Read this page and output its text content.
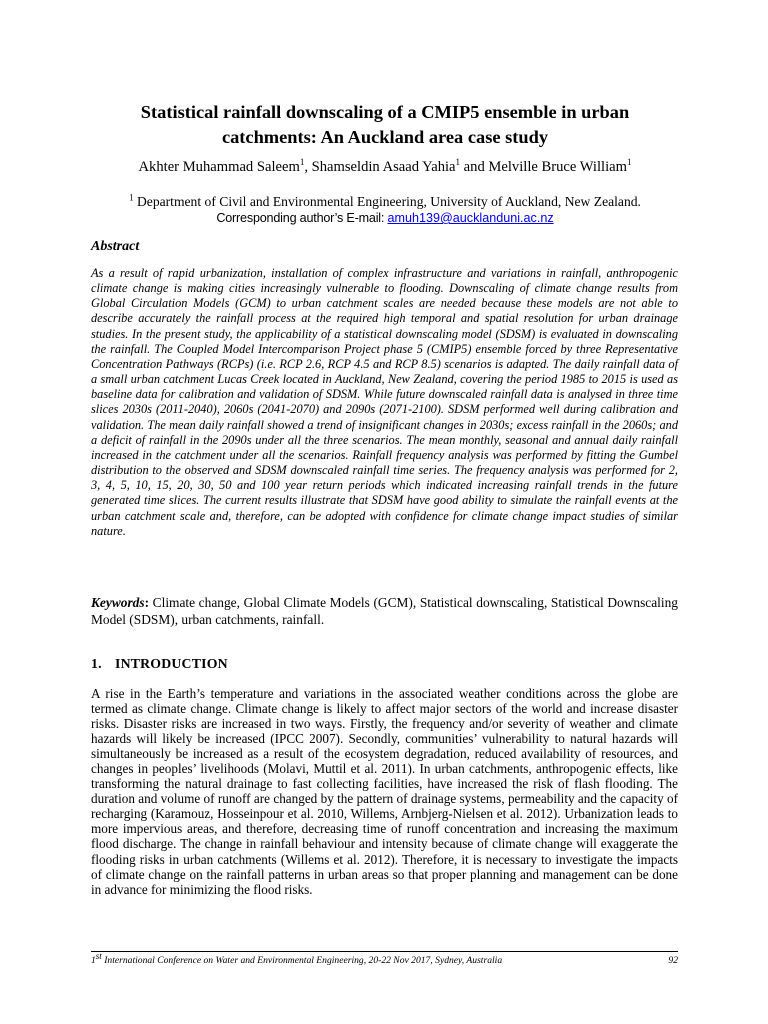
Statistical rainfall downscaling of a CMIP5 ensemble in urban
catchments: An Auckland area case study
Akhter Muhammad Saleem$^1$, Shamseldin Asaad Yahia$^1$ and Melville Bruce William$^1$
$^1$ Department of Civil and Environmental Engineering, University of Auckland, New Zealand.
Corresponding author’s E-mail: amuh139@aucklanduni.ac.nz
Abstract
As a result of rapid urbanization, installation of complex infrastructure and variations in rainfall, anthropogenic climate change is making cities increasingly vulnerable to flooding. Downscaling of climate change results from Global Circulation Models (GCM) to urban catchment scales are needed because these models are not able to describe accurately the rainfall process at the required high temporal and spatial resolution for urban drainage studies. In the present study, the applicability of a statistical downscaling model (SDSM) is evaluated in downscaling the rainfall. The Coupled Model Intercomparison Project phase 5 (CMIP5) ensemble forced by three Representative Concentration Pathways (RCPs) (i.e. RCP 2.6, RCP 4.5 and RCP 8.5) scenarios is adapted. The daily rainfall data of a small urban catchment Lucas Creek located in Auckland, New Zealand, covering the period 1985 to 2015 is used as baseline data for calibration and validation of SDSM. While future downscaled rainfall data is analysed in three time slices 2030s (2011-2040), 2060s (2041-2070) and 2090s (2071-2100). SDSM performed well during calibration and validation. The mean daily rainfall showed a trend of insignificant changes in 2030s; excess rainfall in the 2060s; and a deficit of rainfall in the 2090s under all the three scenarios. The mean monthly, seasonal and annual daily rainfall increased in the catchment under all the scenarios. Rainfall frequency analysis was performed by fitting the Gumbel distribution to the observed and SDSM downscaled rainfall time series. The frequency analysis was performed for 2, 3, 4, 5, 10, 15, 20, 30, 50 and 100 year return periods which indicated increasing rainfall trends in the future generated time slices. The current results illustrate that SDSM have good ability to simulate the rainfall events at the urban catchment scale and, therefore, can be adopted with confidence for climate change impact studies of similar nature.
Keywords: Climate change, Global Climate Models (GCM), Statistical downscaling, Statistical Downscaling Model (SDSM), urban catchments, rainfall.
1. INTRODUCTION
A rise in the Earth’s temperature and variations in the associated weather conditions across the globe are termed as climate change. Climate change is likely to affect major sectors of the world and increase disaster risks. Disaster risks are increased in two ways. Firstly, the frequency and/or severity of weather and climate hazards will likely be increased (IPCC 2007). Secondly, communities’ vulnerability to natural hazards will simultaneously be increased as a result of the ecosystem degradation, reduced availability of resources, and changes in peoples’ livelihoods (Molavi, Muttil et al. 2011). In urban catchments, anthropogenic effects, like transforming the natural drainage to fast collecting facilities, have increased the risk of flash flooding. The duration and volume of runoff are changed by the pattern of drainage systems, permeability and the capacity of recharging (Karamouz, Hosseinpour et al. 2010, Willems, Arnbjerg-Nielsen et al. 2012). Urbanization leads to more impervious areas, and therefore, decreasing time of runoff concentration and increasing the maximum flood discharge. The change in rainfall behaviour and intensity because of climate change will exaggerate the flooding risks in urban catchments (Willems et al. 2012). Therefore, it is necessary to investigate the impacts of climate change on the rainfall patterns in urban areas so that proper planning and management can be done in advance for minimizing the flood risks.
1st International Conference on Water and Environmental Engineering, 20-22 Nov 2017, Sydney, Australia	92
